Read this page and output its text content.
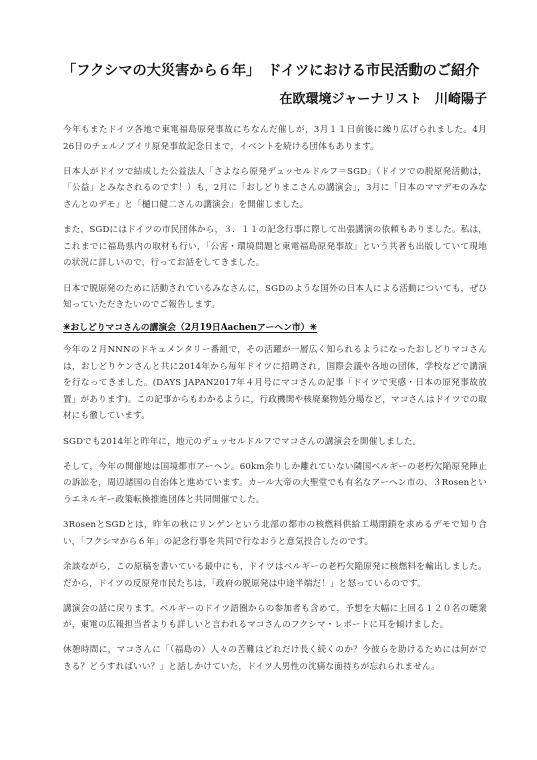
「フクシマの大災害から６年」　ドイツにおける市民活動のご紹介
在欧環境ジャーナリスト　川崎陽子

今年もまたドイツ各地で東電福島原発事故にちなんだ催しが，3月１１日前後に繰り広げられました。4月26日のチェルノブイリ原発事故記念日まで，イベントを続ける団体もあります。

日本人がドイツで結成した公益法人「さよなら原発デュッセルドルフ＝SGD」（ドイツでの脱原発活動は，「公益」とみなされるのです！）も，2月に「おしどりまこさんの講演会」，3月に「日本のママデモのみなさんとのデモ」と「樋口健二さんの講演会」を開催しました。

また，SGDにはドイツの市民団体から，３．１１の記念行事に際して出張講演の依頼もありました。私は，これまでに福島県内の取材も行い，「公害・環境問題と東電福島原発事故」という共著も出版していて現地の状況に詳しいので，行ってお話をしてきました。

日本で脱原発のために活動されているみなさんに，SGDのような国外の日本人による活動についても，ぜひ知っていただきたいのでご報告します。

✳おしどりマコさんの講演会（2月19日Aachenアーヘン市）✳

今年の２月NNNのドキュメンタリー番組で，その活躍が一層広く知られるようになったおしどりマコさんは，おしどりケンさんと共に2014年から毎年ドイツに招聘され，国際会議や各地の団体，学校などで講演を行なってきました。(DAYS JAPAN2017年４月号にマコさんの記事「ドイツで実感・日本の原発事故放置」があります)。この記事からもわかるように，行政機関や核廃棄物処分場など，マコさんはドイツでの取材にも徹しています。

SGDでも2014年と昨年に，地元のデュッセルドルフでマコさんの講演会を開催しました。

そして，今年の開催地は国境都市アーヘン。60km余りしか離れていない隣国ベルギーの老朽欠陥原発陣止の訴訟を，周辺諸国の自治体と進めています。カール大帝の大聖堂でも有名なアーヘン市の、３Rosenというエネルギー政策転換推進団体と共同開催でした。

3RosenとSGDとは，昨年の秋にリンゲンという北部の都市の核燃料供給工場閉鎖を求めるデモで知り合い，「フクシマから６年」の記念行事を共同で行なおうと意気投合したのです。

余談ながら，この原稿を書いている最中にも，ドイツはベルギーの老朽欠陥原発に核燃料を輸出しました。だから，ドイツの反原発市民たちは，「政府の脱原発は中途半端だ！」と怒っているのです。

講演会の話に戻ります。ベルギーのドイツ語圏からの参加者も含めて，予想を大幅に上回る１２０名の聴衆が，東電の広報担当者よりも詳しいと言われるマコさんのフクシマ・レポートに耳を傾けました。

休憩時間に，マコさんに「（福島の）人々の苦難はどれだけ長く続くのか？今彼らを助けるためには何ができる？どうすればいい？」と話しかけていた，ドイツ人男性の沈痛な面持ちが忘れられません。
